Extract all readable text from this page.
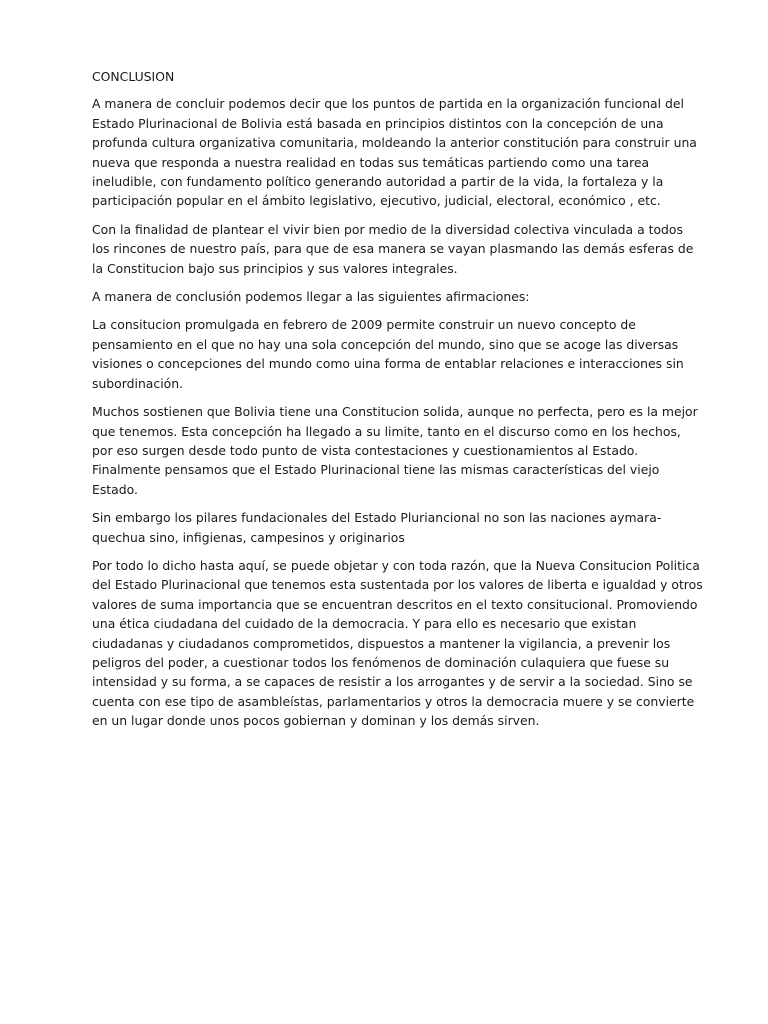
CONCLUSION

A manera de concluir podemos decir que los puntos de partida en la organización funcional del Estado Plurinacional de Bolivia está basada en principios distintos con la concepción de una profunda cultura organizativa comunitaria, moldeando la anterior constitución para construir una nueva que responda a nuestra realidad en todas sus temáticas partiendo como una tarea ineludible, con fundamento político generando autoridad a partir de la vida, la fortaleza y la participación popular en el ámbito legislativo, ejecutivo, judicial, electoral, económico , etc.

Con la finalidad de plantear el vivir bien por medio de la diversidad colectiva vinculada a todos los rincones de nuestro país, para que de esa manera se vayan plasmando las demás esferas de la Constitucion bajo sus principios y sus valores integrales.

A manera de conclusión podemos llegar a las siguientes afirmaciones:

La consitucion promulgada en febrero de 2009 permite construir un nuevo concepto de pensamiento en el que no hay una sola concepción del mundo, sino que se acoge las diversas visiones o concepciones del mundo como uina forma de entablar relaciones e interacciones sin subordinación.

Muchos sostienen que Bolivia tiene una Constitucion solida, aunque no perfecta, pero es la mejor que tenemos. Esta concepción ha llegado a su limite, tanto en el discurso como en los hechos, por eso surgen desde todo punto de vista contestaciones y cuestionamientos al Estado. Finalmente pensamos que el Estado Plurinacional tiene las mismas características del viejo Estado.

Sin embargo los pilares fundacionales del Estado Pluriancional no son las naciones aymara-quechua sino, infigienas, campesinos y originarios

Por todo lo dicho hasta aquí, se puede objetar y con toda razón, que la Nueva Consitucion Politica del Estado Plurinacional que tenemos esta sustentada por los valores de liberta e igualdad y otros valores de suma importancia que se encuentran descritos en el texto consitucional. Promoviendo una ética ciudadana del cuidado de la democracia. Y para ello es necesario que existan ciudadanas y ciudadanos comprometidos, dispuestos a mantener la vigilancia, a prevenir los peligros del poder, a cuestionar todos los fenómenos de dominación culaquiera que fuese su intensidad y su forma, a se capaces de resistir a los arrogantes y de servir a la sociedad. Sino se cuenta con ese tipo de asambleístas, parlamentarios y otros la democracia muere y se convierte en un lugar donde unos pocos gobiernan y dominan y los demás sirven.
